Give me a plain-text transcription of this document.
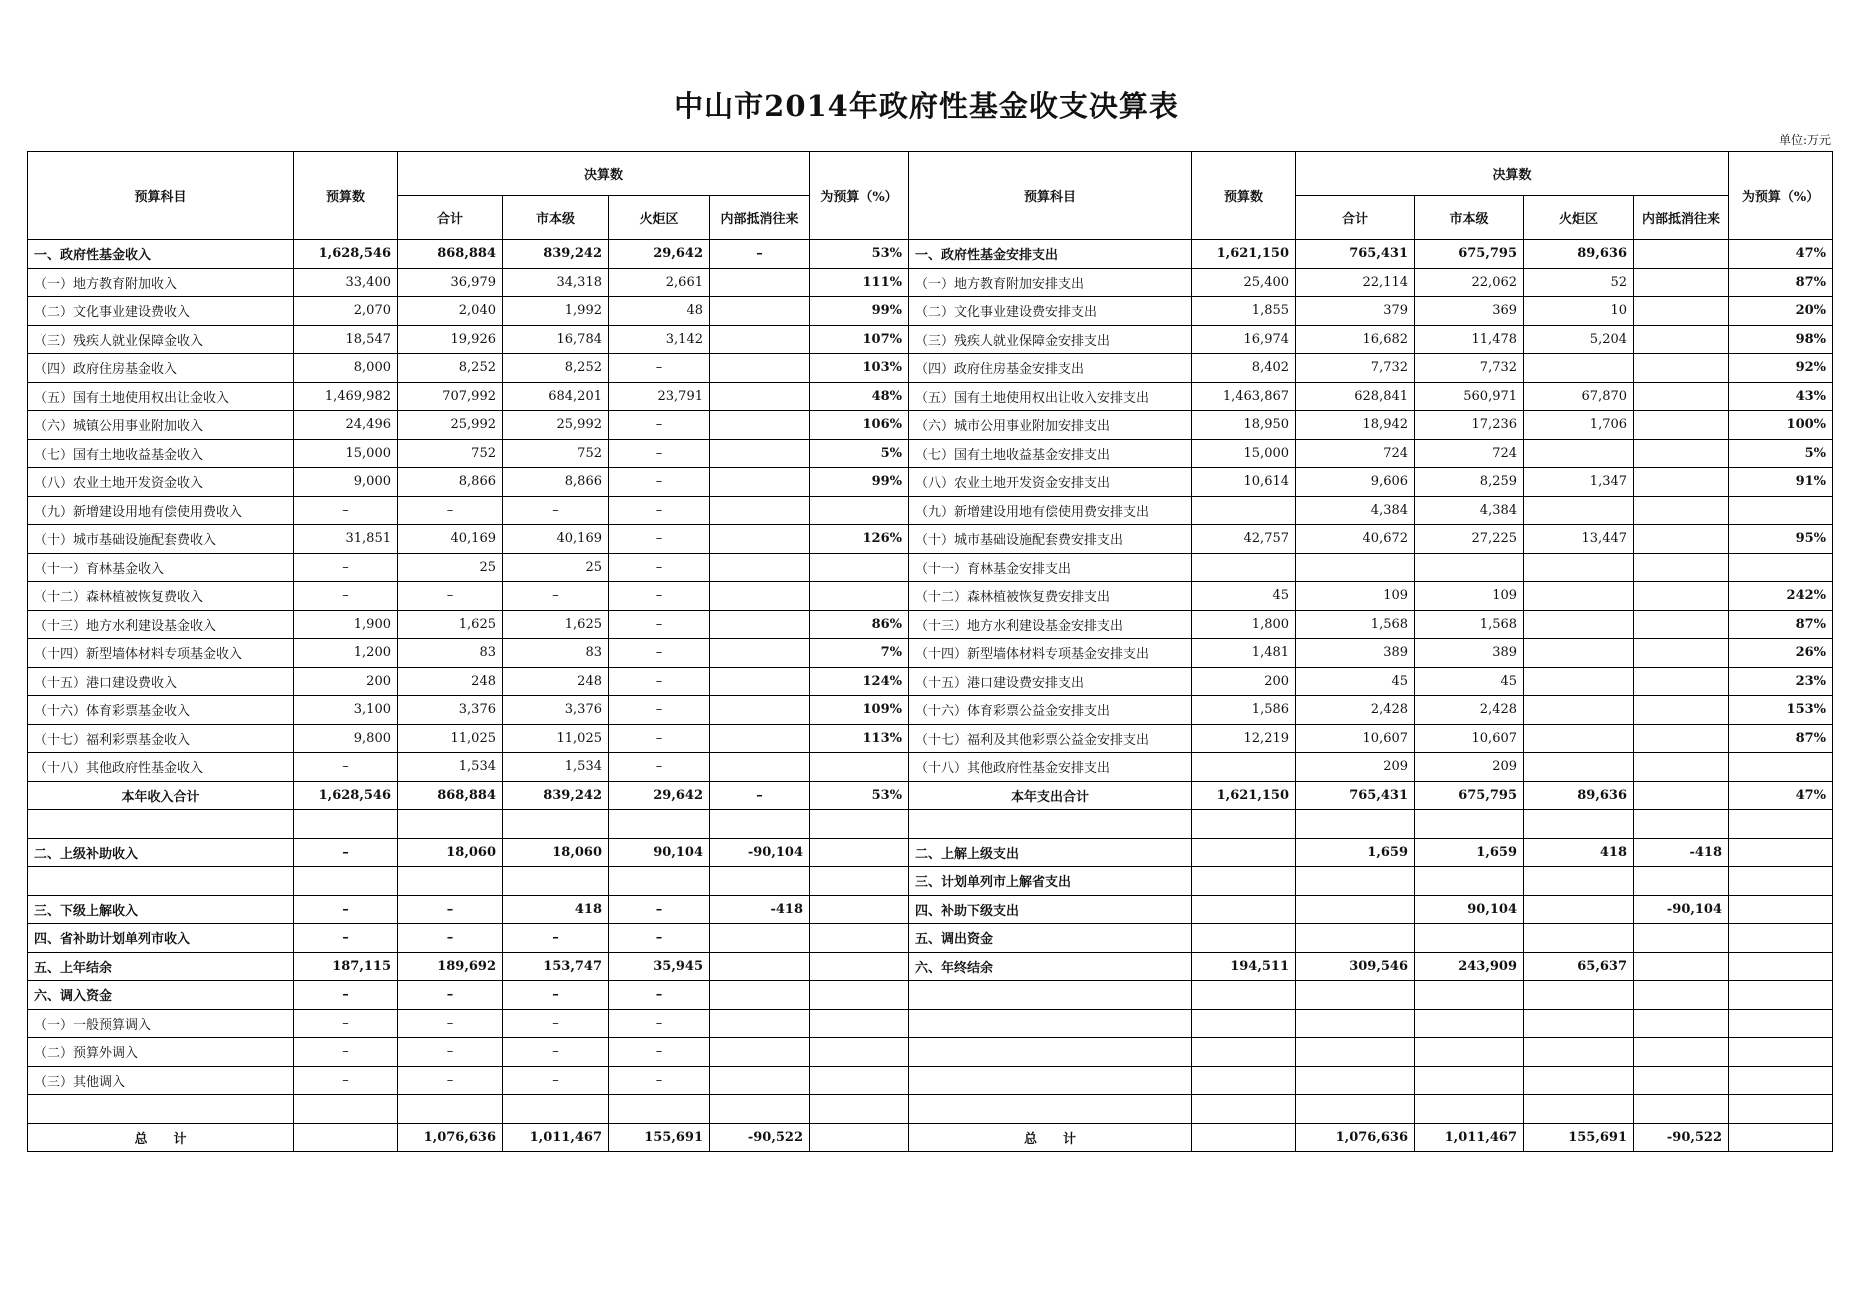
中山市2014年政府性基金收支决算表
单位:万元
预算科目	预算数	决算数				为预算（%）	预算科目	预算数	决算数				为预算（%）
		合计	市本级	火炬区	内部抵消往来				合计	市本级	火炬区	内部抵消往来	
一、政府性基金收入	1,628,546	868,884	839,242	29,642	–	53%	一、政府性基金安排支出	1,621,150	765,431	675,795	89,636		47%
（一）地方教育附加收入	33,400	36,979	34,318	2,661		111%	（一）地方教育附加安排支出	25,400	22,114	22,062	52		87%
（二）文化事业建设费收入	2,070	2,040	1,992	48		99%	（二）文化事业建设费安排支出	1,855	379	369	10		20%
（三）残疾人就业保障金收入	18,547	19,926	16,784	3,142		107%	（三）残疾人就业保障金安排支出	16,974	16,682	11,478	5,204		98%
（四）政府住房基金收入	8,000	8,252	8,252	–		103%	（四）政府住房基金安排支出	8,402	7,732	7,732			92%
（五）国有土地使用权出让金收入	1,469,982	707,992	684,201	23,791		48%	（五）国有土地使用权出让收入安排支出	1,463,867	628,841	560,971	67,870		43%
（六）城镇公用事业附加收入	24,496	25,992	25,992	–		106%	（六）城市公用事业附加安排支出	18,950	18,942	17,236	1,706		100%
（七）国有土地收益基金收入	15,000	752	752	–		5%	（七）国有土地收益基金安排支出	15,000	724	724			5%
（八）农业土地开发资金收入	9,000	8,866	8,866	–		99%	（八）农业土地开发资金安排支出	10,614	9,606	8,259	1,347		91%
（九）新增建设用地有偿使用费收入	–	–	–	–			（九）新增建设用地有偿使用费安排支出		4,384	4,384			
（十）城市基础设施配套费收入	31,851	40,169	40,169	–		126%	（十）城市基础设施配套费安排支出	42,757	40,672	27,225	13,447		95%
（十一）育林基金收入	–	25	25	–			（十一）育林基金安排支出						
（十二）森林植被恢复费收入	–	–	–	–			（十二）森林植被恢复费安排支出	45	109	109			242%
（十三）地方水利建设基金收入	1,900	1,625	1,625	–		86%	（十三）地方水利建设基金安排支出	1,800	1,568	1,568			87%
（十四）新型墙体材料专项基金收入	1,200	83	83	–		7%	（十四）新型墙体材料专项基金安排支出	1,481	389	389			26%
（十五）港口建设费收入	200	248	248	–		124%	（十五）港口建设费安排支出	200	45	45			23%
（十六）体育彩票基金收入	3,100	3,376	3,376	–		109%	（十六）体育彩票公益金安排支出	1,586	2,428	2,428			153%
（十七）福利彩票基金收入	9,800	11,025	11,025	–		113%	（十七）福利及其他彩票公益金安排支出	12,219	10,607	10,607			87%
（十八）其他政府性基金收入	–	1,534	1,534	–			（十八）其他政府性基金安排支出		209	209			
本年收入合计	1,628,546	868,884	839,242	29,642	–	53%	本年支出合计	1,621,150	765,431	675,795	89,636		47%

二、上级补助收入	–	18,060	18,060	90,104	-90,104		二、上解上级支出		1,659	1,659	418	-418	
							三、计划单列市上解省支出						
三、下级上解收入	–	–	418	–	-418		四、补助下级支出			90,104		-90,104	
四、省补助计划单列市收入	–	–	–	–			五、调出资金						
五、上年结余	187,115	189,692	153,747	35,945			六、年终结余	194,511	309,546	243,909	65,637		
六、调入资金	–	–	–	–									
（一）一般预算调入	–	–	–	–									
（二）预算外调入	–	–	–	–									
（三）其他调入	–	–	–	–									

总　　计		1,076,636	1,011,467	155,691	-90,522		总　　计		1,076,636	1,011,467	155,691	-90,522	
